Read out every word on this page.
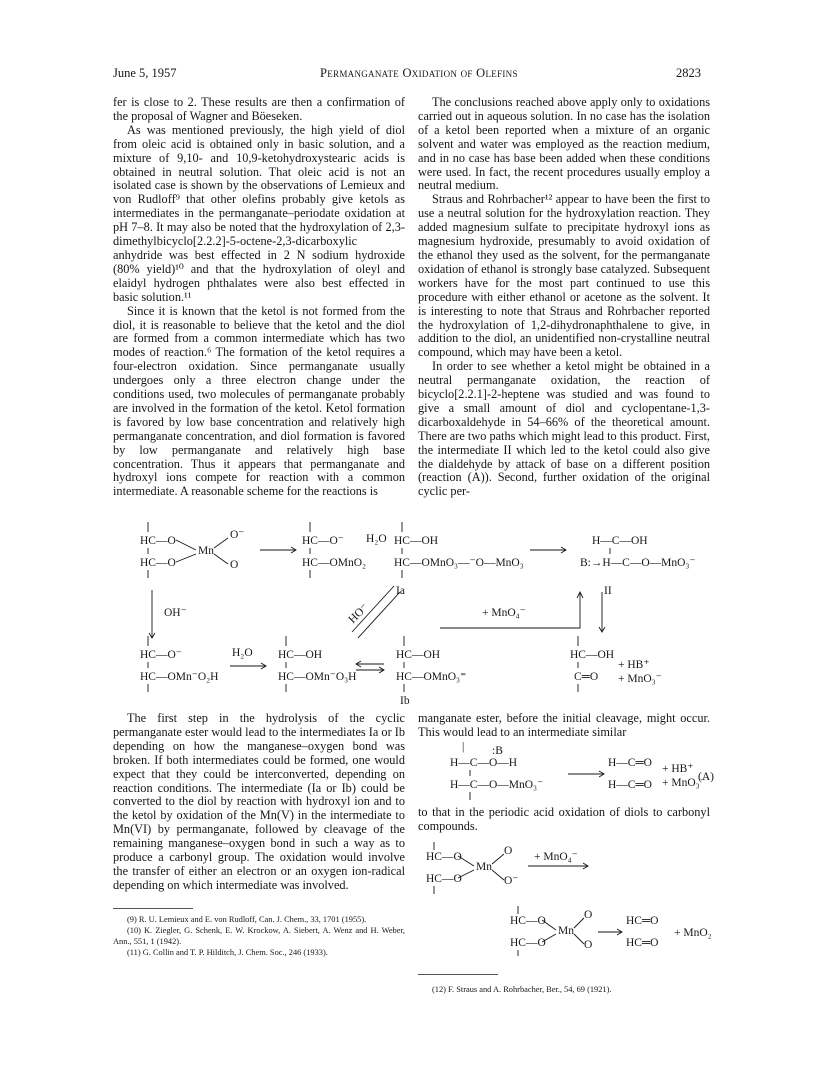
June 5, 1957	Permanganate Oxidation of Olefins	2823

fer is close to 2. These results are then a confirmation of the proposal of Wagner and Böeseken.

As was mentioned previously, the high yield of diol from oleic acid is obtained only in basic solution, and a mixture of 9,10- and 10,9-ketohydroxystearic acids is obtained in neutral solution. That oleic acid is not an isolated case is shown by the observations of Lemieux and von Rudloff⁹ that other olefins probably give ketols as intermediates in the permanganate–periodate oxidation at pH 7–8. It may also be noted that the hydroxylation of 2,3-dimethylbicyclo[2.2.2]-5-octene-2,3-dicarboxylic anhydride was best effected in 2 N sodium hydroxide (80% yield)¹⁰ and that the hydroxylation of oleyl and elaidyl hydrogen phthalates were also best effected in basic solution.¹¹

Since it is known that the ketol is not formed from the diol, it is reasonable to believe that the ketol and the diol are formed from a common intermediate which has two modes of reaction.⁶ The formation of the ketol requires a four-electron oxidation. Since permanganate usually undergoes only a three electron change under the conditions used, two molecules of permanganate probably are involved in the formation of the ketol. Ketol formation is favored by low base concentration and relatively high permanganate concentration, and diol formation is favored by low permanganate and relatively high base concentration. Thus it appears that permanganate and hydroxyl ions compete for reaction with a common intermediate. A reasonable scheme for the reactions is

The conclusions reached above apply only to oxidations carried out in aqueous solution. In no case has the isolation of a ketol been reported when a mixture of an organic solvent and water was employed as the reaction medium, and in no case has base been added when these conditions were used. In fact, the recent procedures usually employ a neutral medium.

Straus and Rohrbacher¹² appear to have been the first to use a neutral solution for the hydroxylation reaction. They added magnesium sulfate to precipitate hydroxyl ions as magnesium hydroxide, presumably to avoid oxidation of the ethanol they used as the solvent, for the permanganate oxidation of ethanol is strongly base catalyzed. Subsequent workers have for the most part continued to use this procedure with either ethanol or acetone as the solvent. It is interesting to note that Straus and Rohrbacher reported the hydroxylation of 1,2-dihydronaphthalene to give, in addition to the diol, an unidentified non-crystalline neutral compound, which may have been a ketol.

In order to see whether a ketol might be obtained in a neutral permanganate oxidation, the reaction of bicyclo[2.2.1]-2-heptene was studied and was found to give a small amount of diol and cyclopentane-1,3-dicarboxaldehyde in 54–66% of the theoretical amount. There are two paths which might lead to this product. First, the intermediate II which led to the ketol could also give the dialdehyde by attack of base on a different position (reaction (A)). Second, further oxidation of the original cyclic per-

HC—O
HC—O
Mn
O⁻
O
HC—O⁻
HC—OMnO₂
H₂O HC—OH
HC—OMnO₃—⁻O—MnO₃
Ia
H—C—OH
B:→H—C—O—MnO₃⁻
II
OH⁻	HO⁻	+ MnO₄⁻
HC—O⁻
HC—OMn⁻O₂H
H₂O HC—OH
HC—OMn⁻O₃H
HC—OH
HC—OMnO₃⁼
Ib
HC—OH
C═O
+ HB⁺
+ MnO₃⁻

The first step in the hydrolysis of the cyclic permanganate ester would lead to the intermediates Ia or Ib depending on how the manganese–oxygen bond was broken. If both intermediates could be formed, one would expect that they could be interconverted, depending on reaction conditions. The intermediate (Ia or Ib) could be converted to the diol by reaction with hydroxyl ion and to the ketol by oxidation of the Mn(V) in the intermediate to Mn(VI) by permanganate, followed by cleavage of the remaining manganese–oxygen bond in such a way as to produce a carbonyl group. The oxidation would involve the transfer of either an electron or an oxygen ion-radical depending on which intermediate was involved.

(9) R. U. Lemieux and E. von Rudloff, Can. J. Chem., 33, 1701 (1955).

(10) K. Ziegler, G. Schenk, E. W. Krockow, A. Siebert, A. Wenz and H. Weber, Ann., 551, 1 (1942).

(11) G. Collin and T. P. Hilditch, J. Chem. Soc., 246 (1933).

manganate ester, before the initial cleavage, might occur. This would lead to an intermediate similar

| :B
H—C—O—H
H—C—O—MnO₃⁻
H—C═O
H—C═O
+ HB⁺
+ MnO₃⁻
(A)

to that in the periodic acid oxidation of diols to carbonyl compounds.

HC—O
HC—O
Mn
O
O⁻
+ MnO₄⁻
HC—O
HC—O
Mn
O
O
HC═O
HC═O
+ MnO₂

(12) F. Straus and A. Rohrbacher, Ber., 54, 69 (1921).
